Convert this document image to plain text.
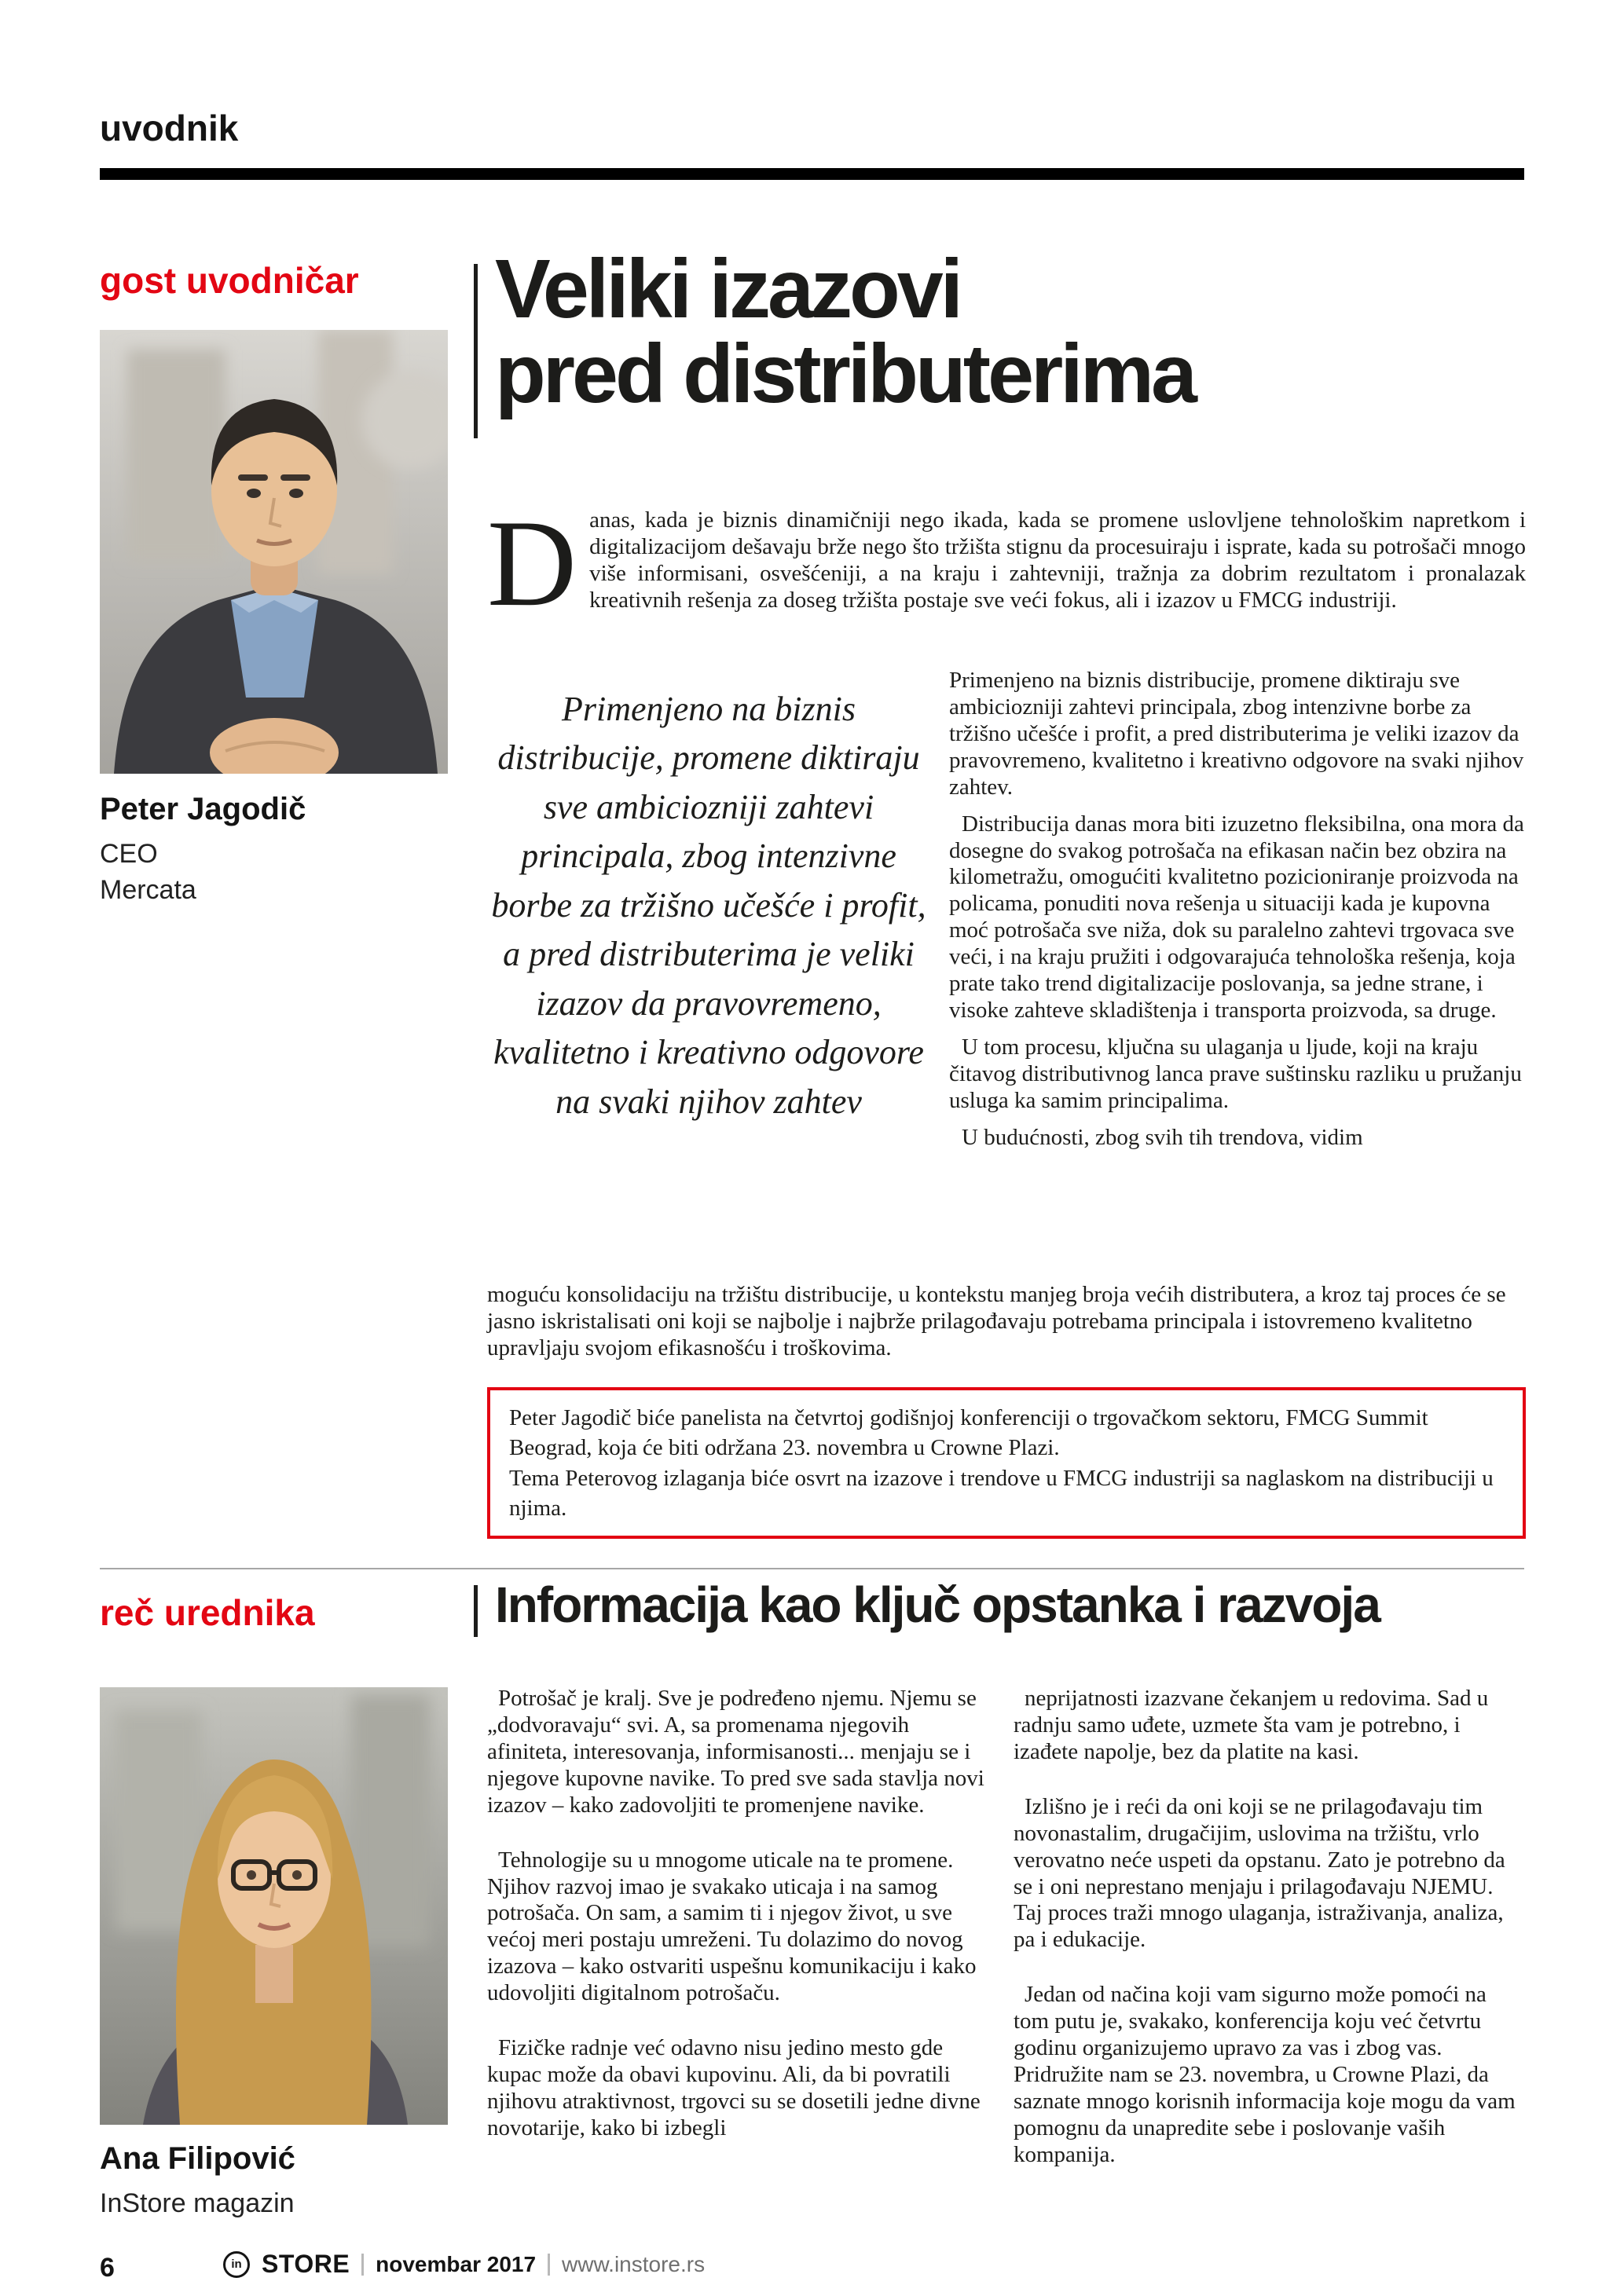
uvodnik
gost uvodničar
Peter Jagodič
CEO
Mercata
Veliki izazovi
pred distributerima
Danas, kada je biznis dinamičniji nego ikada, kada se promene uslovljene tehnološkim napretkom i digitalizacijom dešavaju brže nego što tržišta stignu da procesuiraju i isprate, kada su potrošači mnogo više informisani, osvešćeniji, a na kraju i zahtevniji, tražnja za dobrim rezultatom i pronalazak kreativnih rešenja za doseg tržišta postaje sve veći fokus, ali i izazov u FMCG industriji.
Primenjeno na biznis distribucije, promene diktiraju sve ambiciozniji zahtevi principala, zbog intenzivne borbe za tržišno učešće i profit, a pred distributerima je veliki izazov da pravovremeno, kvalitetno i kreativno odgovore na svaki njihov zahtev

Primenjeno na biznis distribucije, promene diktiraju sve ambiciozniji zahtevi principala, zbog intenzivne borbe za tržišno učešće i profit, a pred distributerima je veliki izazov da pravovremeno, kvalitetno i kreativno odgovore na svaki njihov zahtev.

Distribucija danas mora biti izuzetno fleksibilna, ona mora da dosegne do svakog potrošača na efikasan način bez obzira na kilometražu, omogućiti kvalitetno pozicioniranje proizvoda na policama, ponuditi nova rešenja u situaciji kada je kupovna moć potrošača sve niža, dok su paralelno zahtevi trgovaca sve veći, i na kraju pružiti i odgovarajuća tehnološka rešenja, koja prate tako trend digitalizacije poslovanja, sa jedne strane, i visoke zahteve skladištenja i transporta proizvoda, sa druge.

U tom procesu, ključna su ulaganja u ljude, koji na kraju čitavog distributivnog lanca prave suštinsku razliku u pružanju usluga ka samim principalima.

U budućnosti, zbog svih tih trendova, vidim

moguću konsolidaciju na tržištu distribucije, u kontekstu manjeg broja većih distributera, a kroz taj proces će se jasno iskristalisati oni koji se najbolje i najbrže prilagođavaju potrebama principala i istovremeno kvalitetno upravljaju svojom efikasnošću i troškovima.

Peter Jagodič biće panelista na četvrtoj godišnjoj konferenciji o trgovačkom sektoru, FMCG Summit Beograd, koja će biti održana 23. novembra u Crowne Plazi.

Tema Peterovog izlaganja biće osvrt na izazove i trendove u FMCG industriji sa naglaskom na distribuciji u njima.

reč urednika	Informacija kao ključ opstanka i razvoja
Ana Filipović
InStore magazin

Potrošač je kralj. Sve je podređeno njemu. Njemu se „dodvoravaju“ svi. A, sa promenama njegovih afiniteta, interesovanja, informisanosti... menjaju se i njegove kupovne navike. To pred sve sada stavlja novi izazov – kako zadovoljiti te promenjene navike.

Tehnologije su u mnogome uticale na te promene. Njihov razvoj imao je svakako uticaja i na samog potrošača. On sam, a samim ti i njegov život, u sve većoj meri postaju umreženi. Tu dolazimo do novog izazova – kako ostvariti uspešnu komunikaciju i kako udovoljiti digitalnom potrošaču.

Fizičke radnje već odavno nisu jedino mesto gde kupac može da obavi kupovinu. Ali, da bi povratili njihovu atraktivnost, trgovci su se dosetili jedne divne novotarije, kako bi izbegli

neprijatnosti izazvane čekanjem u redovima. Sad u radnju samo uđete, uzmete šta vam je potrebno, i izađete napolje, bez da platite na kasi.

Izlišno je i reći da oni koji se ne prilagođavaju tim novonastalim, drugačijim, uslovima na tržištu, vrlo verovatno neće uspeti da opstanu. Zato je potrebno da se i oni neprestano menjaju i prilagođavaju NJEMU. Taj proces traži mnogo ulaganja, istraživanja, analiza, pa i edukacije.

Jedan od načina koji vam sigurno može pomoći na tom putu je, svakako, konferencija koju već četvrtu godinu organizujemo upravo za vas i zbog vas. Pridružite nam se 23. novembra, u Crowne Plazi, da saznate mnogo korisnih informacija koje mogu da vam pomognu da unapredite sebe i poslovanje vaših kompanija.

6	in STORE novembar 2017 www.instore.rs
